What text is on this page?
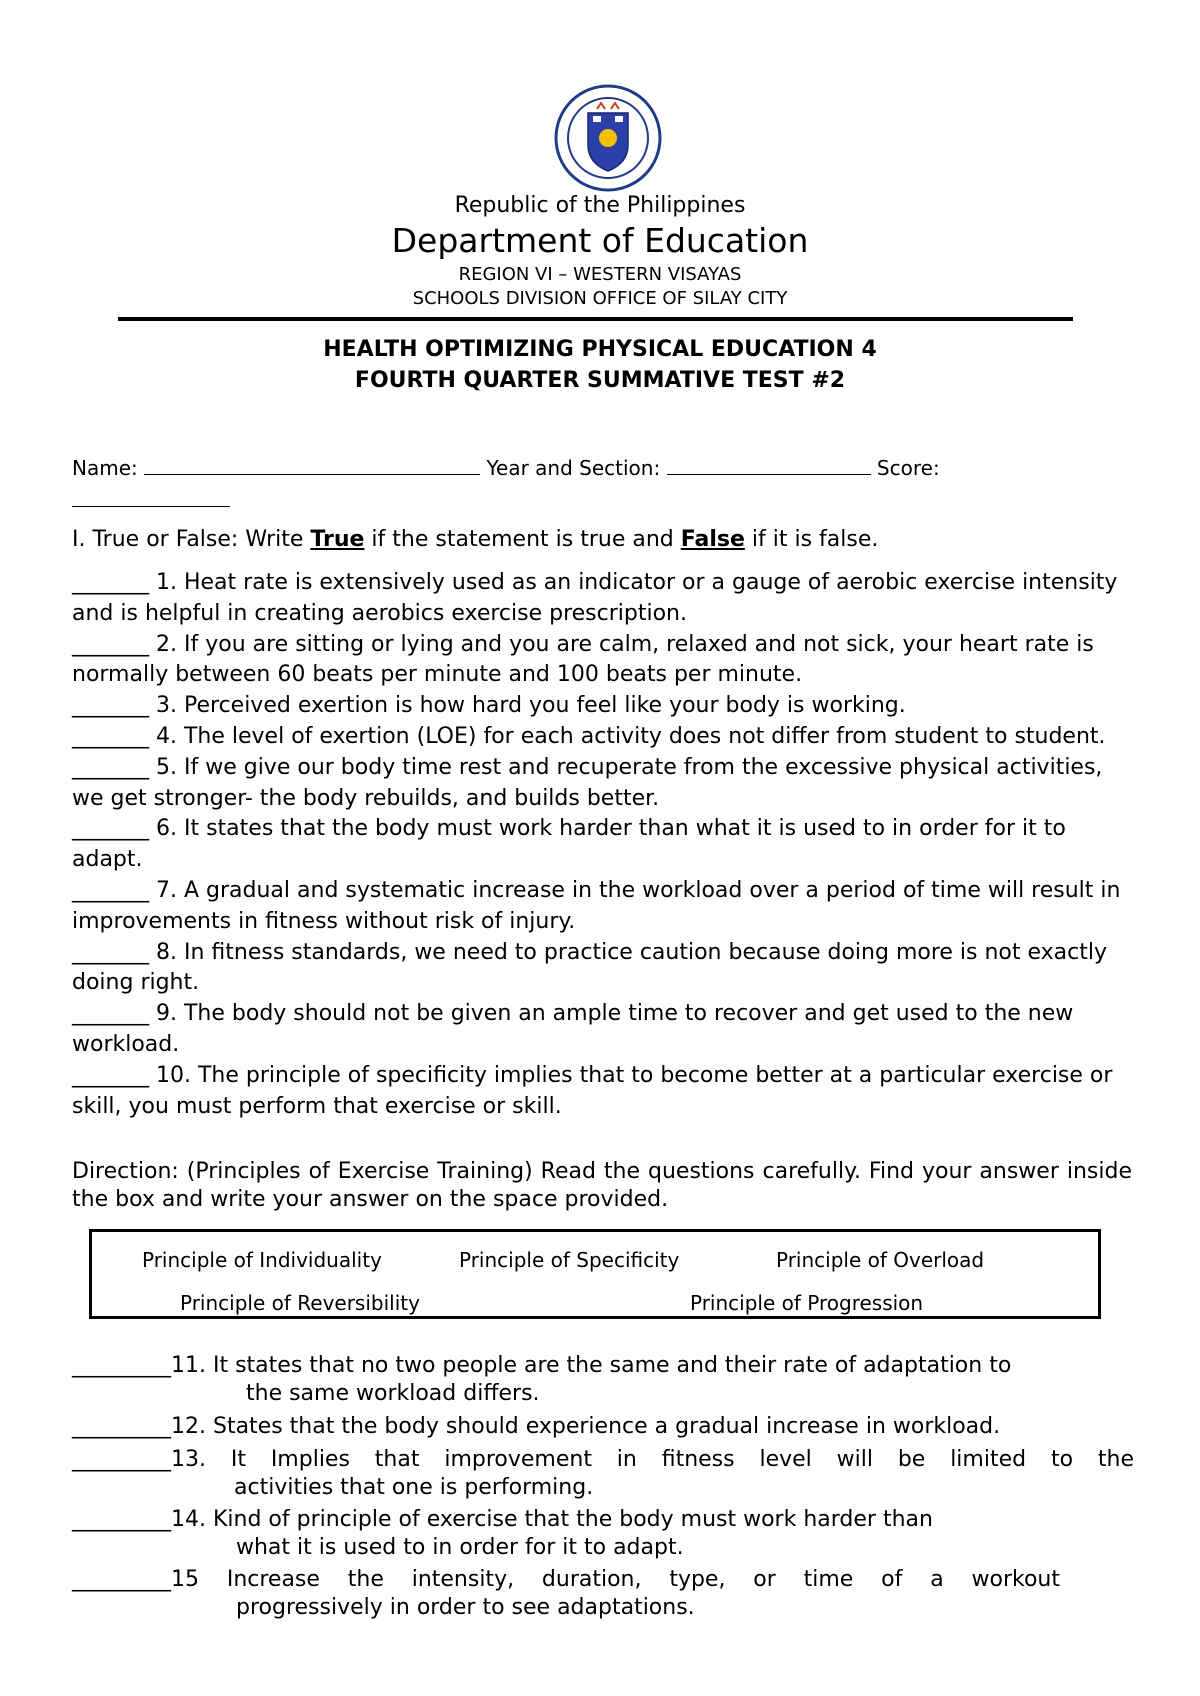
Republic of the Philippines
Department of Education
REGION VI – WESTERN VISAYAS
SCHOOLS DIVISION OFFICE OF SILAY CITY
HEALTH OPTIMIZING PHYSICAL EDUCATION 4
FOURTH QUARTER SUMMATIVE TEST #2
Name:	Year and Section:	Score:
I. True or False: Write True if the statement is true and False if it is false.
_______ 1. Heat rate is extensively used as an indicator or a gauge of aerobic exercise intensity and is helpful in creating aerobics exercise prescription.
_______ 2. If you are sitting or lying and you are calm, relaxed and not sick, your heart rate is normally between 60 beats per minute and 100 beats per minute.
_______ 3. Perceived exertion is how hard you feel like your body is working.
_______ 4. The level of exertion (LOE) for each activity does not differ from student to student.
_______ 5. If we give our body time rest and recuperate from the excessive physical activities, we get stronger- the body rebuilds, and builds better.
_______ 6. It states that the body must work harder than what it is used to in order for it to adapt.
_______ 7. A gradual and systematic increase in the workload over a period of time will result in improvements in fitness without risk of injury.
_______ 8. In fitness standards, we need to practice caution because doing more is not exactly doing right.
_______ 9. The body should not be given an ample time to recover and get used to the new workload.
_______ 10. The principle of specificity implies that to become better at a particular exercise or skill, you must perform that exercise or skill.
Direction: (Principles of Exercise Training) Read the questions carefully. Find your answer inside the box and write your answer on the space provided.
Principle of Individuality	Principle of Specificity	Principle of Overload
Principle of Reversibility	Principle of Progression
_________ 11. It states that no two people are the same and their rate of adaptation to
the same workload differs.
_________ 12. States that the body should experience a gradual increase in workload.
_________ 13. It Implies that improvement in fitness level will be limited to the
activities that one is performing.
_________ 14. Kind of principle of exercise that the body must work harder than
what it is used to in order for it to adapt.
_________ 15 Increase the intensity, duration, type, or time of a workout
progressively in order to see adaptations.
